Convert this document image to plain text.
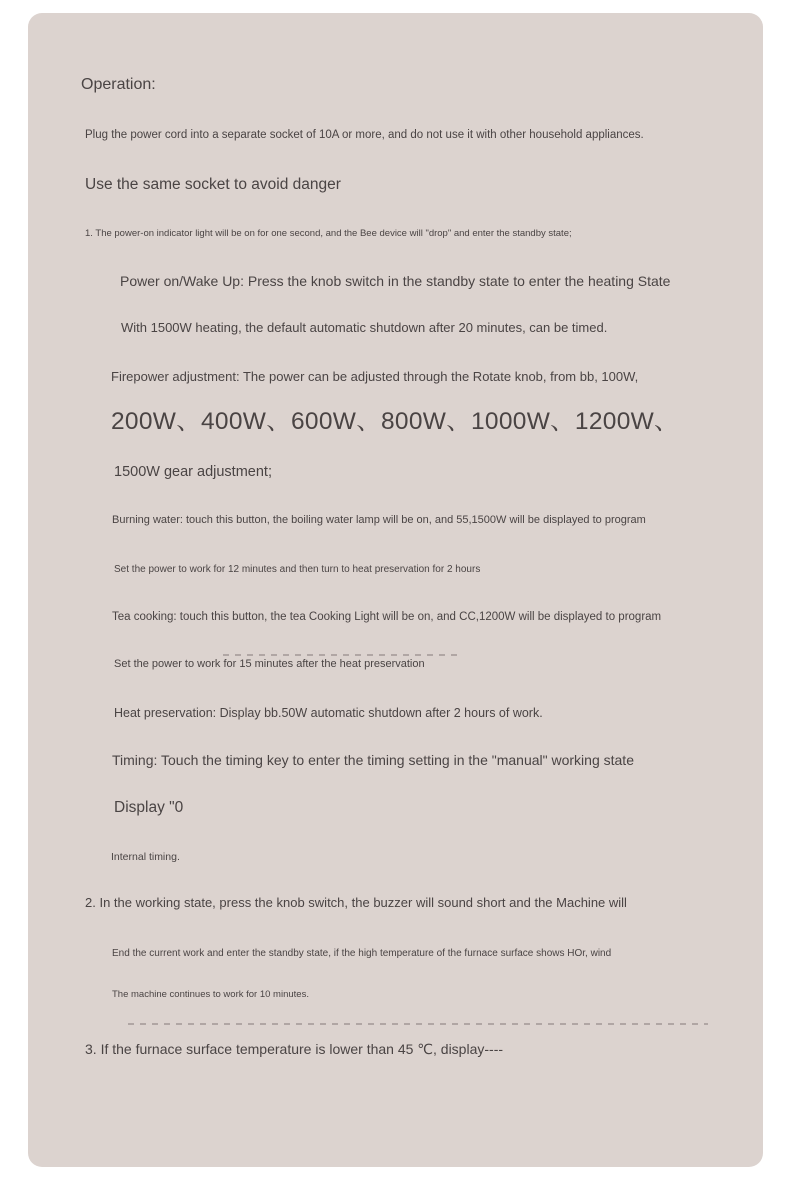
Operation:
Plug the power cord into a separate socket of 10A or more, and do not use it with other household appliances.
Use the same socket to avoid danger
1. The power-on indicator light will be on for one second, and the Bee device will "drop" and enter the standby state;
Power on/Wake Up: Press the knob switch in the standby state to enter the heating State
With 1500W heating, the default automatic shutdown after 20 minutes, can be timed.
Firepower adjustment: The power can be adjusted through the Rotate knob, from bb, 100W,
200W、400W、600W、800W、1000W、1200W、
1500W gear adjustment;
Burning water: touch this button, the boiling water lamp will be on, and 55,1500W will be displayed to program
Set the power to work for 12 minutes and then turn to heat preservation for 2 hours
Tea cooking: touch this button, the tea Cooking Light will be on, and CC,1200W will be displayed to program
Set the power to work for 15 minutes after the heat preservation
Heat preservation: Display bb.50W automatic shutdown after 2 hours of work.
Timing: Touch the timing key to enter the timing setting in the "manual" working state
Display "0
Internal timing.
2. In the working state, press the knob switch, the buzzer will sound short and the Machine will
End the current work and enter the standby state, if the high temperature of the furnace surface shows HOr, wind
The machine continues to work for 10 minutes.
3. If the furnace surface temperature is lower than 45 ℃, display----
